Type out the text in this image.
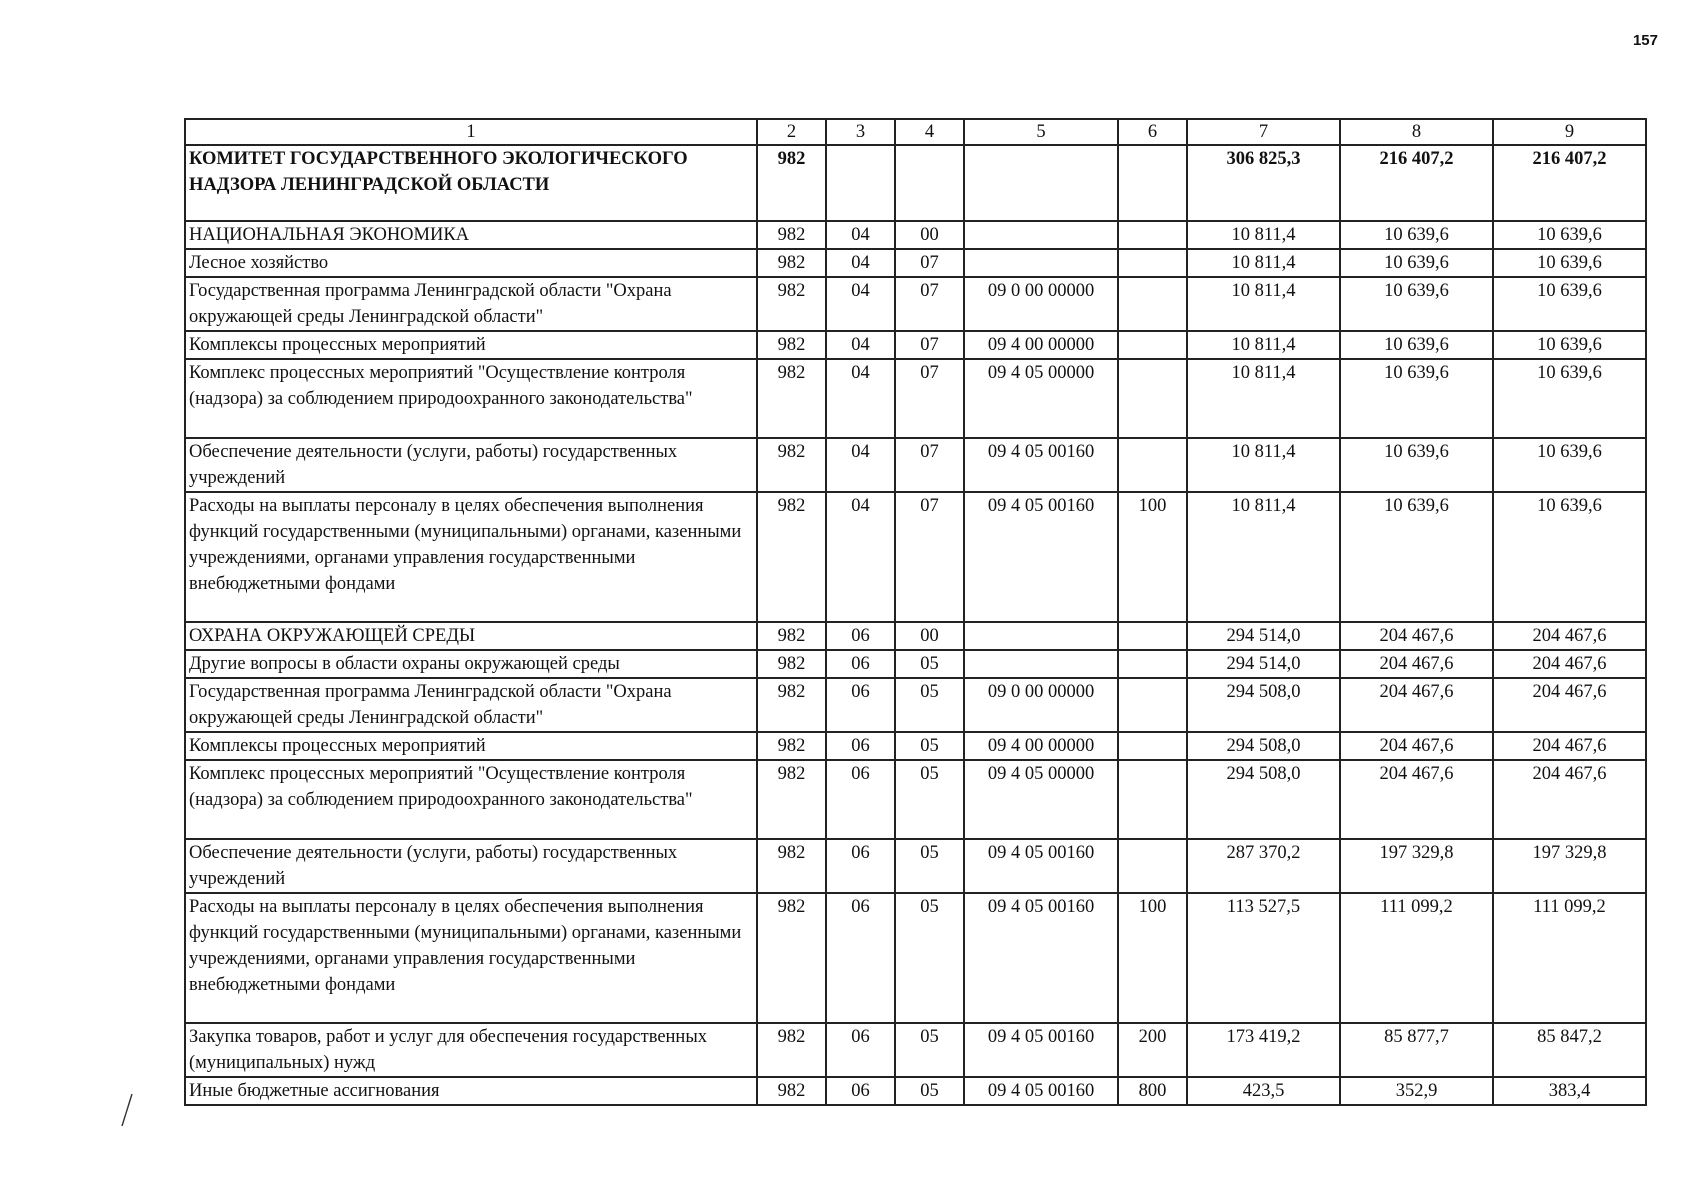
157
1	2	3	4	5	6	7	8	9
КОМИТЕТ ГОСУДАРСТВЕННОГО ЭКОЛОГИЧЕСКОГО НАДЗОРА ЛЕНИНГРАДСКОЙ ОБЛАСТИ	982					306 825,3	216 407,2	216 407,2
НАЦИОНАЛЬНАЯ ЭКОНОМИКА	982	04	00			10 811,4	10 639,6	10 639,6
Лесное хозяйство	982	04	07			10 811,4	10 639,6	10 639,6
Государственная программа Ленинградской области "Охрана окружающей среды Ленинградской области"	982	04	07	09 0 00 00000		10 811,4	10 639,6	10 639,6
Комплексы процессных мероприятий	982	04	07	09 4 00 00000		10 811,4	10 639,6	10 639,6
Комплекс процессных мероприятий "Осуществление контроля (надзора) за соблюдением природоохранного законодательства"	982	04	07	09 4 05 00000		10 811,4	10 639,6	10 639,6
Обеспечение деятельности (услуги, работы) государственных учреждений	982	04	07	09 4 05 00160		10 811,4	10 639,6	10 639,6
Расходы на выплаты персоналу в целях обеспечения выполнения функций государственными (муниципальными) органами, казенными учреждениями, органами управления государственными внебюджетными фондами	982	04	07	09 4 05 00160	100	10 811,4	10 639,6	10 639,6
ОХРАНА ОКРУЖАЮЩЕЙ СРЕДЫ	982	06	00			294 514,0	204 467,6	204 467,6
Другие вопросы в области охраны окружающей среды	982	06	05			294 514,0	204 467,6	204 467,6
Государственная программа Ленинградской области "Охрана окружающей среды Ленинградской области"	982	06	05	09 0 00 00000		294 508,0	204 467,6	204 467,6
Комплексы процессных мероприятий	982	06	05	09 4 00 00000		294 508,0	204 467,6	204 467,6
Комплекс процессных мероприятий "Осуществление контроля (надзора) за соблюдением природоохранного законодательства"	982	06	05	09 4 05 00000		294 508,0	204 467,6	204 467,6
Обеспечение деятельности (услуги, работы) государственных учреждений	982	06	05	09 4 05 00160		287 370,2	197 329,8	197 329,8
Расходы на выплаты персоналу в целях обеспечения выполнения функций государственными (муниципальными) органами, казенными учреждениями, органами управления государственными внебюджетными фондами	982	06	05	09 4 05 00160	100	113 527,5	111 099,2	111 099,2
Закупка товаров, работ и услуг для обеспечения государственных (муниципальных) нужд	982	06	05	09 4 05 00160	200	173 419,2	85 877,7	85 847,2
Иные бюджетные ассигнования	982	06	05	09 4 05 00160	800	423,5	352,9	383,4
